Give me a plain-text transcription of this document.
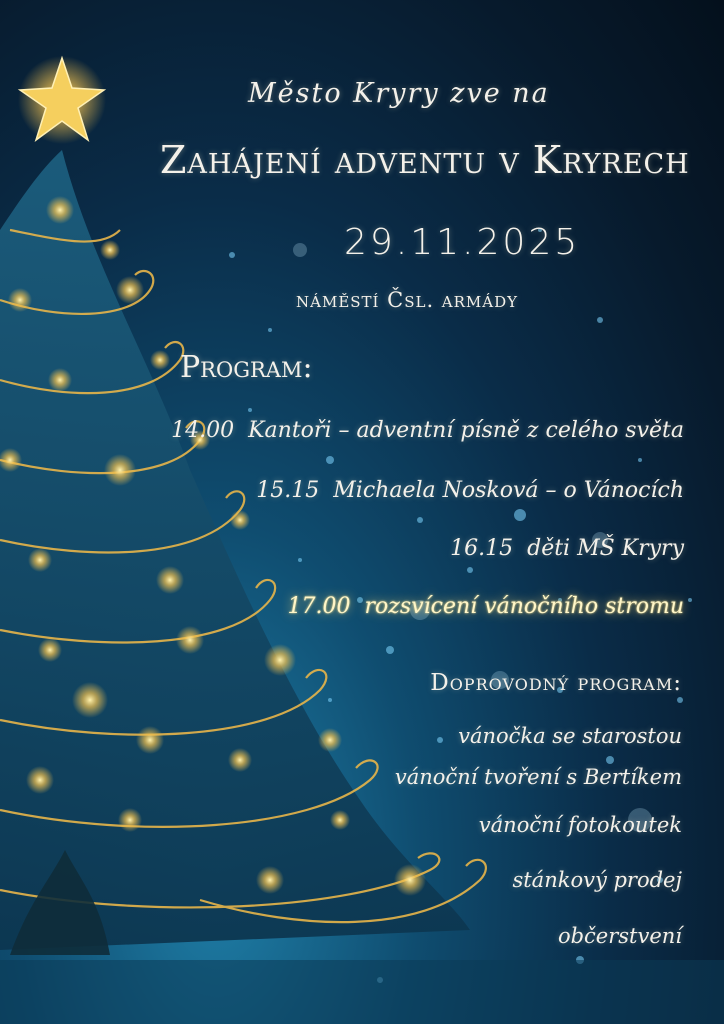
Město Kryry zve na
Zahájení adventu v Kryrech
29.11.2025
náměstí Čsl. armády
Program:
14.00 Kantoři – adventní písně z celého světa
15.15 Michaela Nosková – o Vánocích
16.15 děti MŠ Kryry
17.00 rozsvícení vánočního stromu
Doprovodný program:
vánočka se starostou
vánoční tvoření s Bertíkem
vánoční fotokoutek
stánkový prodej
občerstvení
